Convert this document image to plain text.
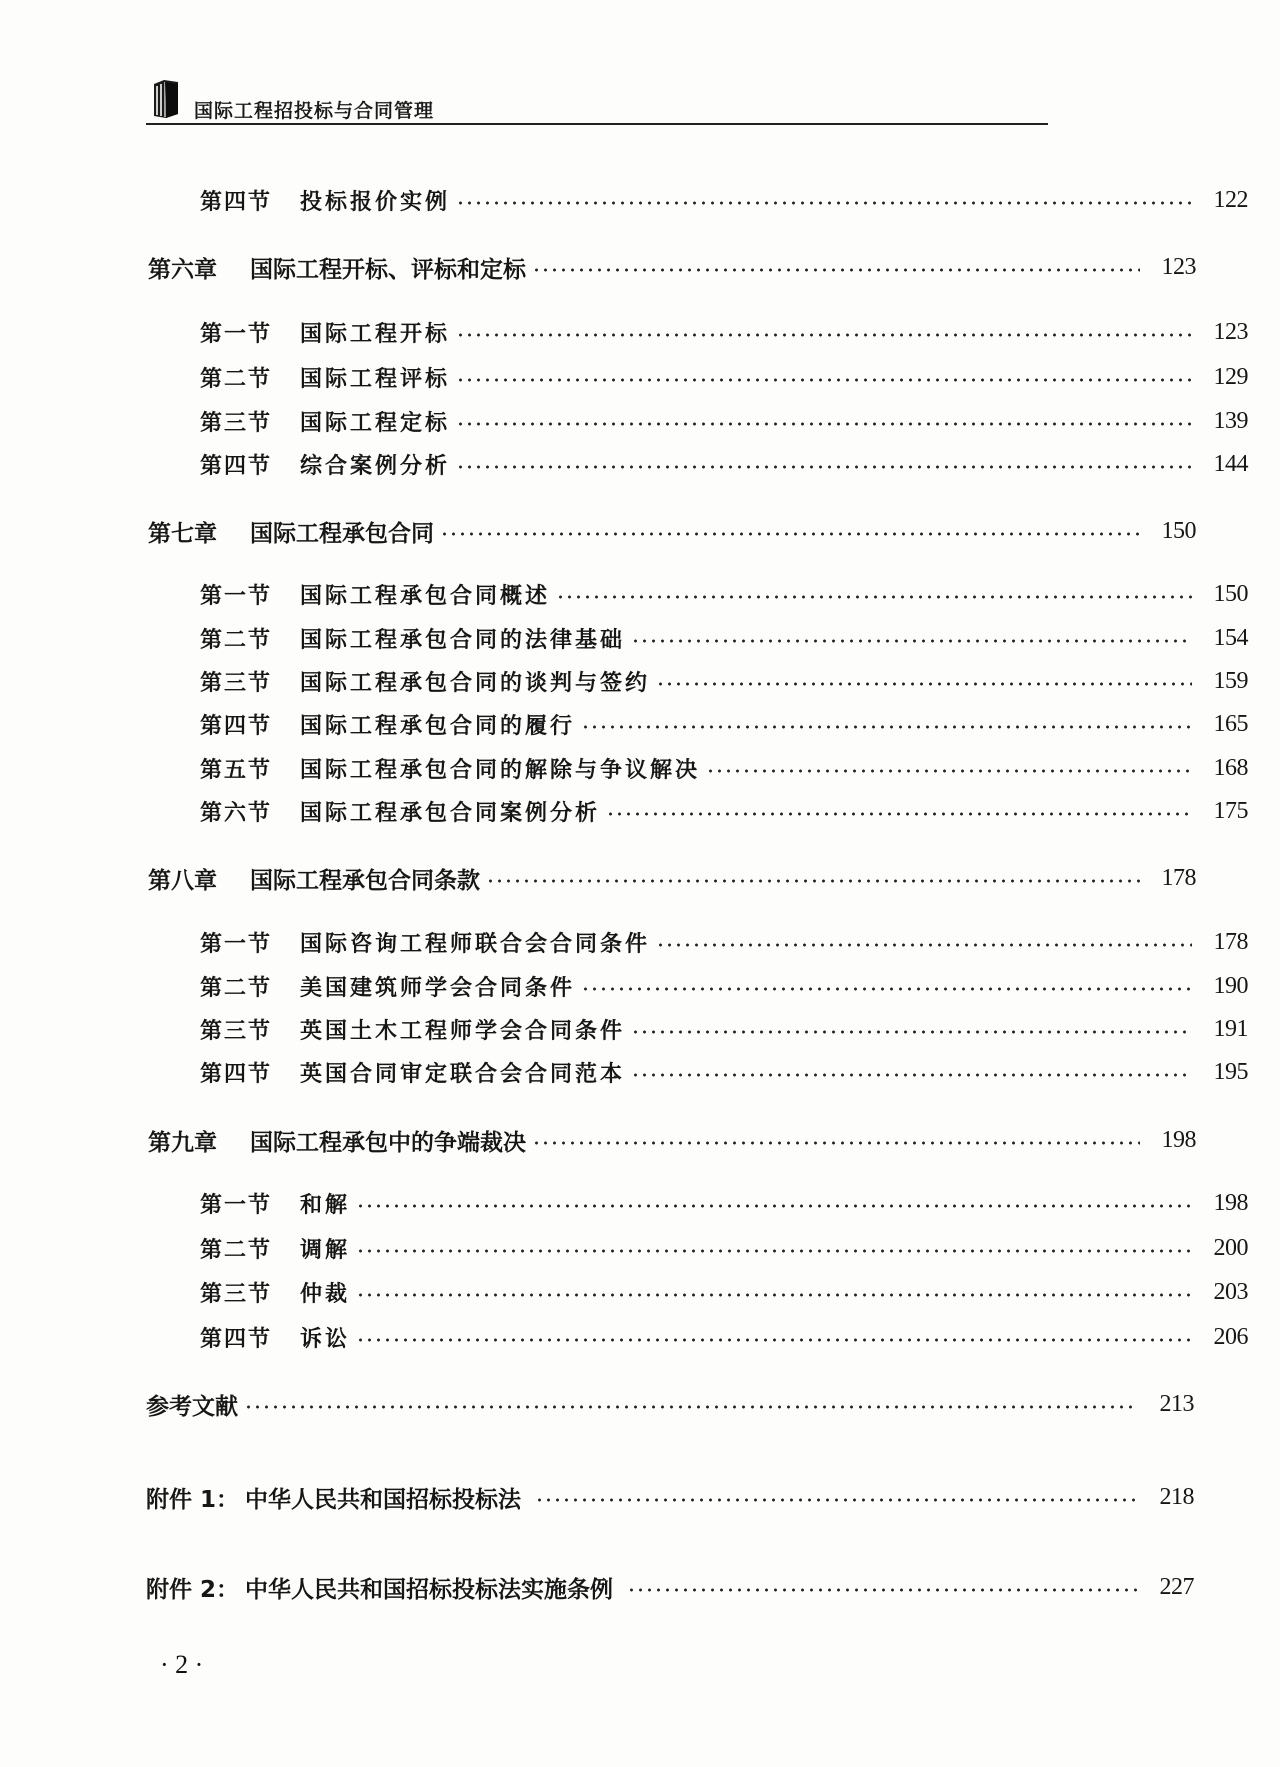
国际工程招投标与合同管理
第四节	投标报价实例	122
第六章	国际工程开标、评标和定标	123
第一节	国际工程开标	123
第二节	国际工程评标	129
第三节	国际工程定标	139
第四节	综合案例分析	144
第七章	国际工程承包合同	150
第一节	国际工程承包合同概述	150
第二节	国际工程承包合同的法律基础	154
第三节	国际工程承包合同的谈判与签约	159
第四节	国际工程承包合同的履行	165
第五节	国际工程承包合同的解除与争议解决	168
第六节	国际工程承包合同案例分析	175
第八章	国际工程承包合同条款	178
第一节	国际咨询工程师联合会合同条件	178
第二节	美国建筑师学会合同条件	190
第三节	英国土木工程师学会合同条件	191
第四节	英国合同审定联合会合同范本	195
第九章	国际工程承包中的争端裁决	198
第一节	和解	198
第二节	调解	200
第三节	仲裁	203
第四节	诉讼	206
参考文献	213
附件 1： 中华人民共和国招标投标法	218
附件 2： 中华人民共和国招标投标法实施条例	227
· 2 ·
